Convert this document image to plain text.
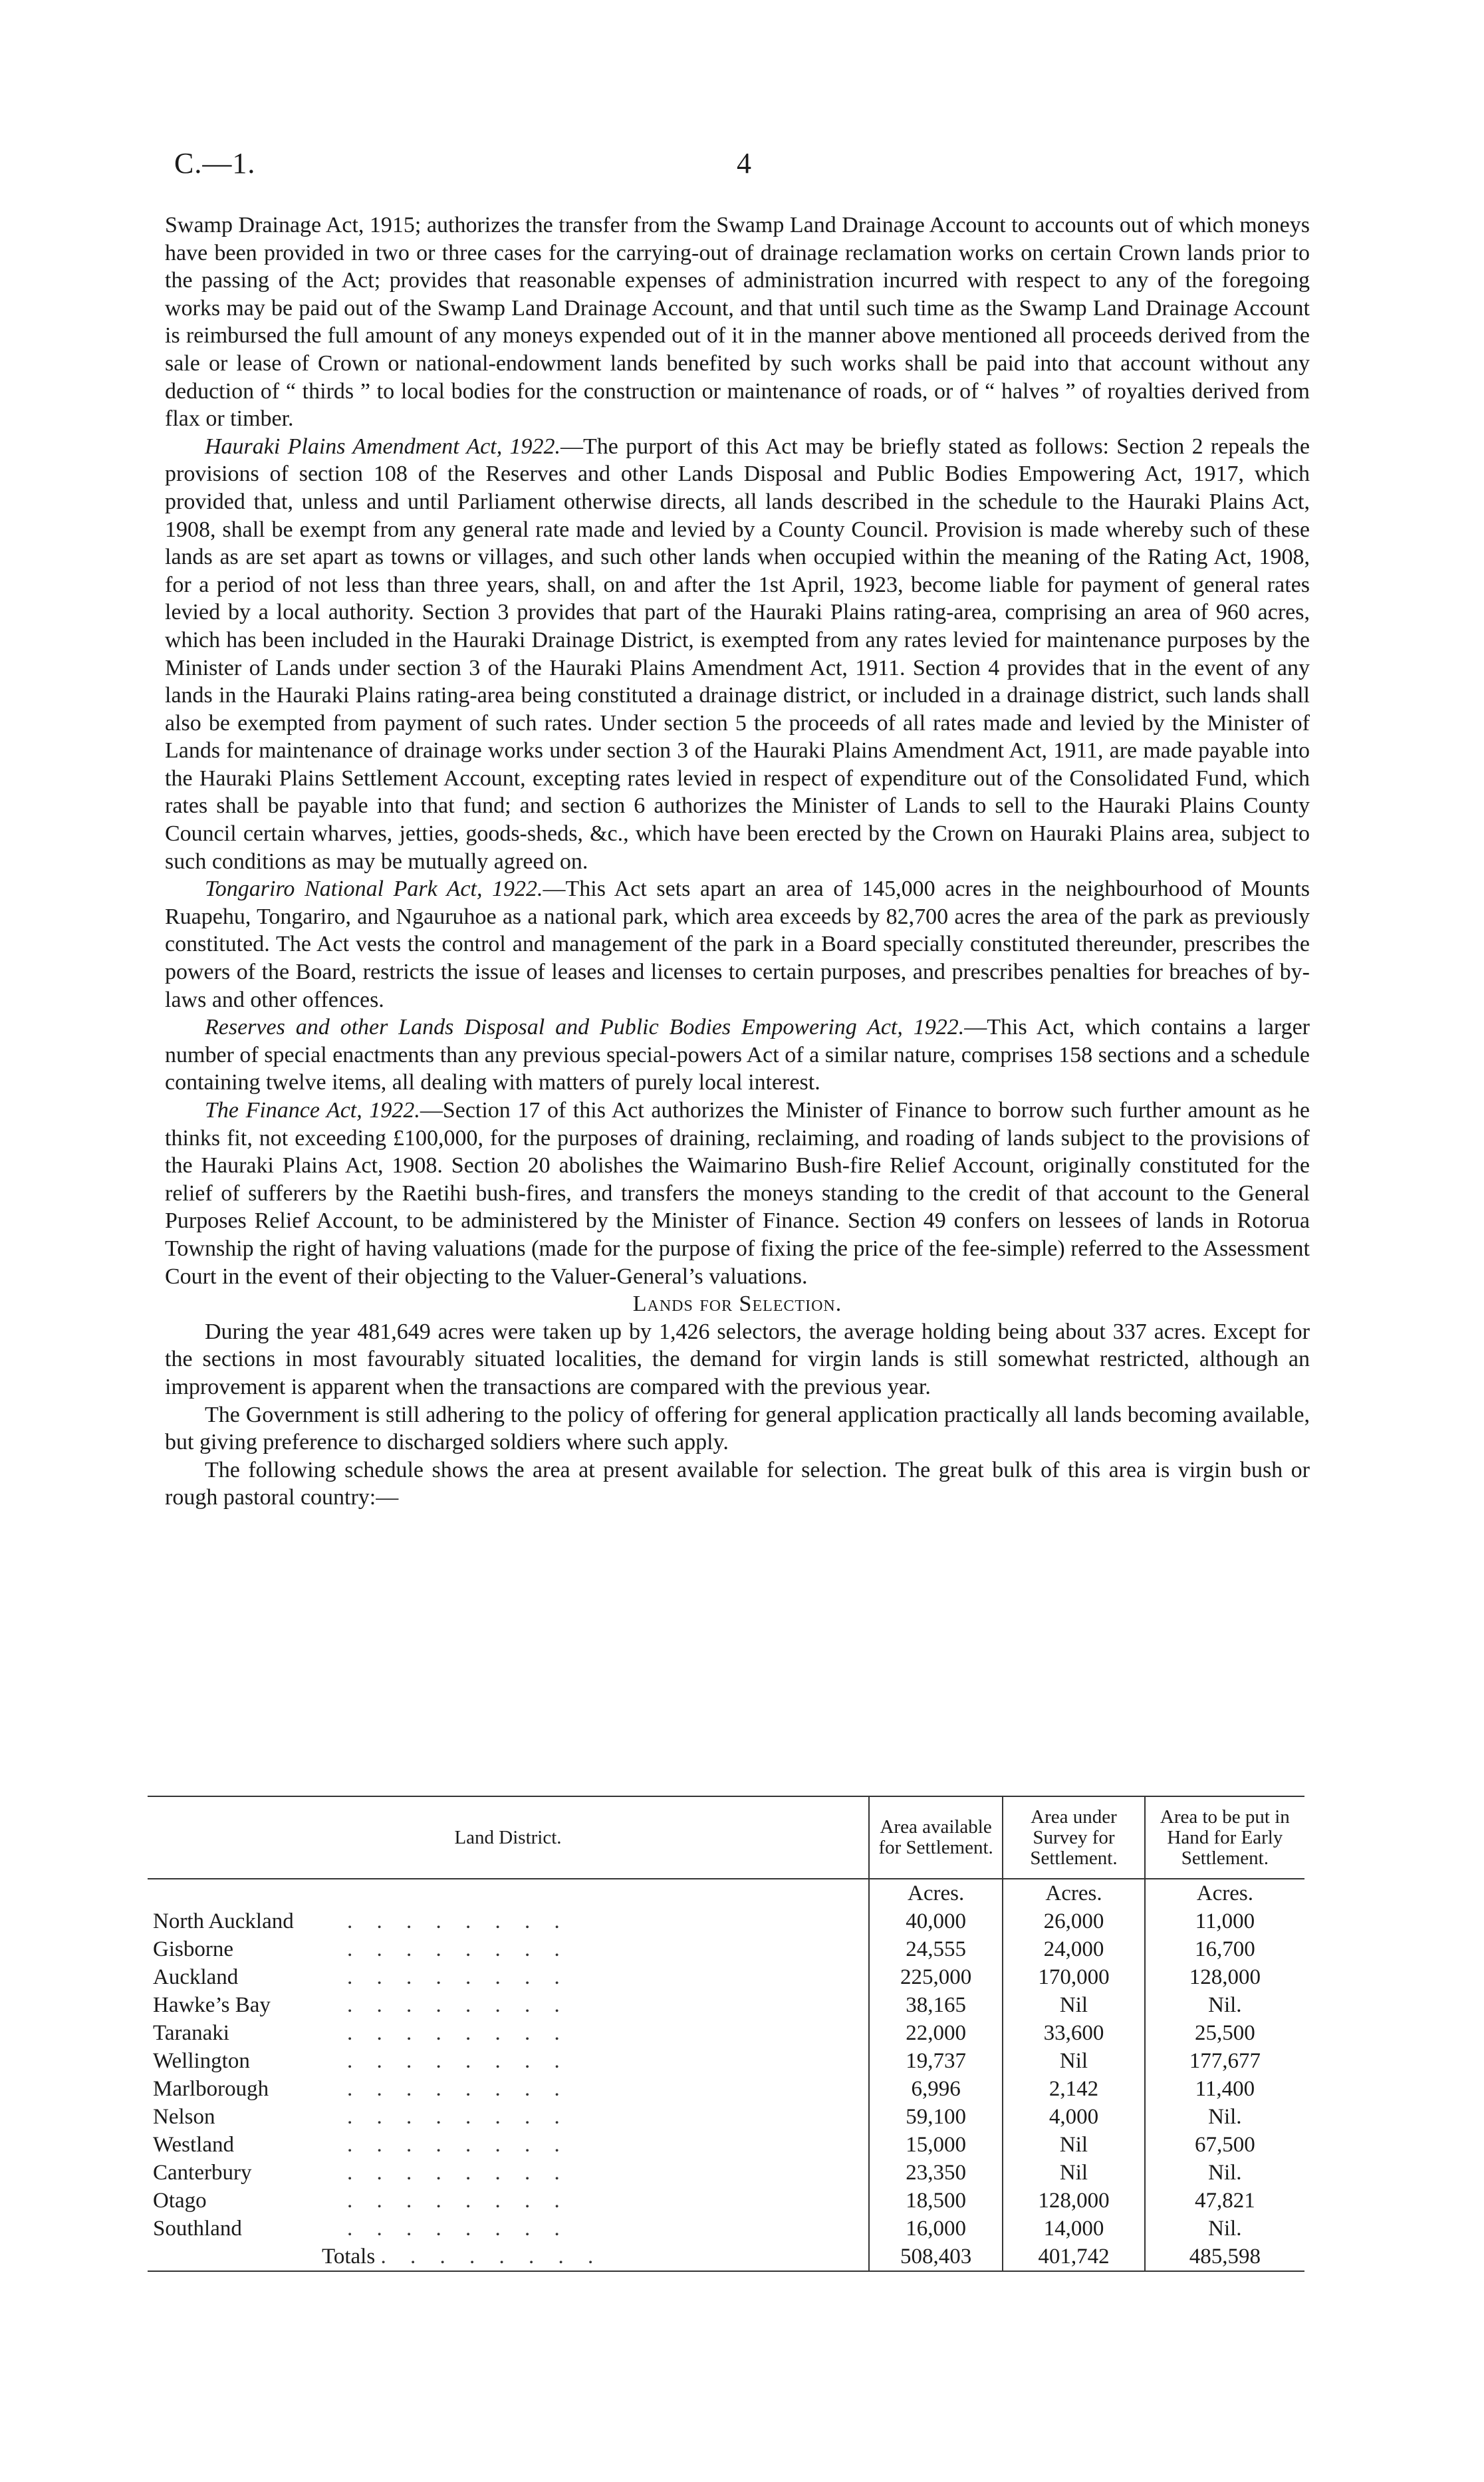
C.—1.	4

Swamp Drainage Act, 1915; authorizes the transfer from the Swamp Land Drainage Account to accounts out of which moneys have been provided in two or three cases for the carrying-out of drainage reclamation works on certain Crown lands prior to the passing of the Act; provides that reasonable expenses of administration incurred with respect to any of the foregoing works may be paid out of the Swamp Land Drainage Account, and that until such time as the Swamp Land Drainage Account is reimbursed the full amount of any moneys expended out of it in the manner above mentioned all proceeds derived from the sale or lease of Crown or national-endowment lands benefited by such works shall be paid into that account without any deduction of “ thirds ” to local bodies for the construction or maintenance of roads, or of “ halves ” of royalties derived from flax or timber.

Hauraki Plains Amendment Act, 1922.—The purport of this Act may be briefly stated as follows: Section 2 repeals the provisions of section 108 of the Reserves and other Lands Disposal and Public Bodies Empowering Act, 1917, which provided that, unless and until Parliament otherwise directs, all lands described in the schedule to the Hauraki Plains Act, 1908, shall be exempt from any general rate made and levied by a County Council. Provision is made whereby such of these lands as are set apart as towns or villages, and such other lands when occupied within the meaning of the Rating Act, 1908, for a period of not less than three years, shall, on and after the 1st April, 1923, become liable for payment of general rates levied by a local authority. Section 3 provides that part of the Hauraki Plains rating-area, comprising an area of 960 acres, which has been included in the Hauraki Drainage District, is exempted from any rates levied for maintenance purposes by the Minister of Lands under section 3 of the Hauraki Plains Amendment Act, 1911. Section 4 provides that in the event of any lands in the Hauraki Plains rating-area being constituted a drainage district, or included in a drainage district, such lands shall also be exempted from payment of such rates. Under section 5 the proceeds of all rates made and levied by the Minister of Lands for maintenance of drainage works under section 3 of the Hauraki Plains Amendment Act, 1911, are made payable into the Hauraki Plains Settlement Account, excepting rates levied in respect of expenditure out of the Consolidated Fund, which rates shall be payable into that fund; and section 6 authorizes the Minister of Lands to sell to the Hauraki Plains County Council certain wharves, jetties, goods-sheds, &c., which have been erected by the Crown on Hauraki Plains area, subject to such conditions as may be mutually agreed on.

Tongariro National Park Act, 1922.—This Act sets apart an area of 145,000 acres in the neighbourhood of Mounts Ruapehu, Tongariro, and Ngauruhoe as a national park, which area exceeds by 82,700 acres the area of the park as previously constituted. The Act vests the control and management of the park in a Board specially constituted thereunder, prescribes the powers of the Board, restricts the issue of leases and licenses to certain purposes, and prescribes penalties for breaches of by-laws and other offences.

Reserves and other Lands Disposal and Public Bodies Empowering Act, 1922.—This Act, which contains a larger number of special enactments than any previous special-powers Act of a similar nature, comprises 158 sections and a schedule containing twelve items, all dealing with matters of purely local interest.

The Finance Act, 1922.—Section 17 of this Act authorizes the Minister of Finance to borrow such further amount as he thinks fit, not exceeding £100,000, for the purposes of draining, reclaiming, and roading of lands subject to the provisions of the Hauraki Plains Act, 1908. Section 20 abolishes the Waimarino Bush-fire Relief Account, originally constituted for the relief of sufferers by the Raetihi bush-fires, and transfers the moneys standing to the credit of that account to the General Purposes Relief Account, to be administered by the Minister of Finance. Section 49 confers on lessees of lands in Rotorua Township the right of having valuations (made for the purpose of fixing the price of the fee-simple) referred to the Assessment Court in the event of their objecting to the Valuer-General’s valuations.

Lands for Selection.

During the year 481,649 acres were taken up by 1,426 selectors, the average holding being about 337 acres. Except for the sections in most favourably situated localities, the demand for virgin lands is still somewhat restricted, although an improvement is apparent when the transactions are compared with the previous year.

The Government is still adhering to the policy of offering for general application practically all lands becoming available, but giving preference to discharged soldiers where such apply.

The following schedule shows the area at present available for selection. The great bulk of this area is virgin bush or rough pastoral country:—

Land District.	Area available for Settlement.	Area under Survey for Settlement.	Area to be put in Hand for Early Settlement.
	Acres.	Acres.	Acres.
North Auckland . . . . . . . .	40,000	26,000	11,000
Gisborne . . . . . . . .	24,555	24,000	16,700
Auckland . . . . . . . .	225,000	170,000	128,000
Hawke’s Bay . . . . . . . .	38,165	Nil	Nil.
Taranaki . . . . . . . .	22,000	33,600	25,500
Wellington . . . . . . . .	19,737	Nil	177,677
Marlborough . . . . . . . .	6,996	2,142	11,400
Nelson . . . . . . . .	59,100	4,000	Nil.
Westland . . . . . . . .	15,000	Nil	67,500
Canterbury . . . . . . . .	23,350	Nil	Nil.
Otago . . . . . . . .	18,500	128,000	47,821
Southland . . . . . . . .	16,000	14,000	Nil.
Totals . . . . . . . .	508,403	401,742	485,598
